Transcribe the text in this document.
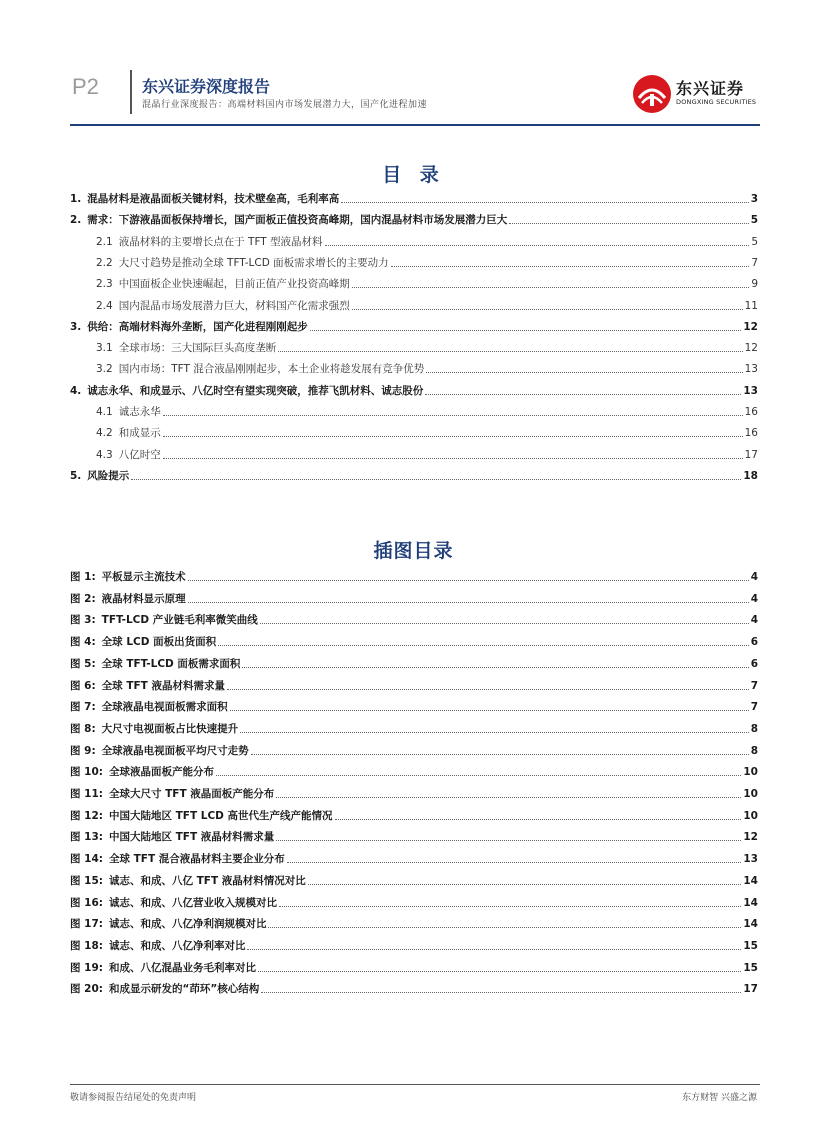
P2	东兴证券深度报告
混晶行业深度报告：高端材料国内市场发展潜力大，国产化进程加速
东兴证券
DONGXING SECURITIES
目 录
1. 混晶材料是液晶面板关键材料，技术壁垒高，毛利率高	3
2. 需求：下游液晶面板保持增长，国产面板正值投资高峰期，国内混晶材料市场发展潜力巨大	5
2.1 液晶材料的主要增长点在于 TFT 型液晶材料	5
2.2 大尺寸趋势是推动全球 TFT-LCD 面板需求增长的主要动力	7
2.3 中国面板企业快速崛起，目前正值产业投资高峰期	9
2.4 国内混晶市场发展潜力巨大，材料国产化需求强烈	11
3. 供给：高端材料海外垄断，国产化进程刚刚起步	12
3.1 全球市场：三大国际巨头高度垄断	12
3.2 国内市场：TFT 混合液晶刚刚起步，本土企业将趁发展有竞争优势	13
4. 诚志永华、和成显示、八亿时空有望实现突破，推荐飞凯材料、诚志股份	13
4.1 诚志永华	16
4.2 和成显示	16
4.3 八亿时空	17
5. 风险提示	18
插图目录
图 1: 平板显示主流技术	4
图 2: 液晶材料显示原理	4
图 3: TFT-LCD 产业链毛利率微笑曲线	4
图 4: 全球 LCD 面板出货面积	6
图 5: 全球 TFT-LCD 面板需求面积	6
图 6: 全球 TFT 液晶材料需求量	7
图 7: 全球液晶电视面板需求面积	7
图 8: 大尺寸电视面板占比快速提升	8
图 9: 全球液晶电视面板平均尺寸走势	8
图 10: 全球液晶面板产能分布	10
图 11: 全球大尺寸 TFT 液晶面板产能分布	10
图 12: 中国大陆地区 TFT LCD 高世代生产线产能情况	10
图 13: 中国大陆地区 TFT 液晶材料需求量	12
图 14: 全球 TFT 混合液晶材料主要企业分布	13
图 15: 诚志、和成、八亿 TFT 液晶材料情况对比	14
图 16: 诚志、和成、八亿营业收入规模对比	14
图 17: 诚志、和成、八亿净利润规模对比	14
图 18: 诚志、和成、八亿净利率对比	15
图 19: 和成、八亿混晶业务毛利率对比	15
图 20: 和成显示研发的“茚环”核心结构	17
敬请参阅报告结尾处的免责声明	东方财智 兴盛之源
